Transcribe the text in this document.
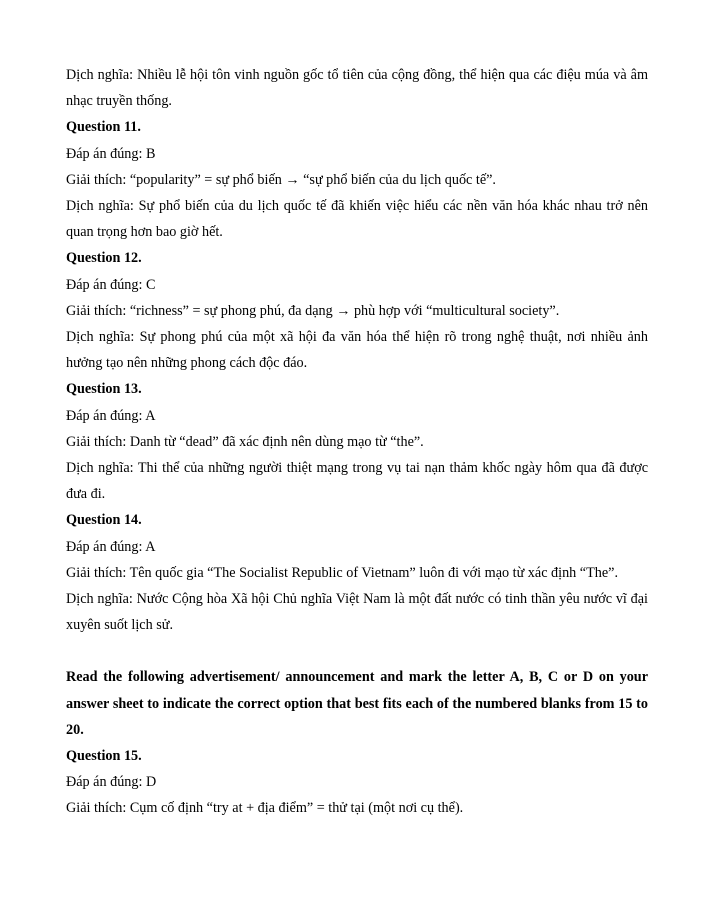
Dịch nghĩa: Nhiều lễ hội tôn vinh nguồn gốc tổ tiên của cộng đồng, thể hiện qua các điệu múa và âm nhạc truyền thống.

Question 11.

Đáp án đúng: B

Giải thích: “popularity” = sự phổ biến → “sự phổ biến của du lịch quốc tế”.

Dịch nghĩa: Sự phổ biến của du lịch quốc tế đã khiến việc hiểu các nền văn hóa khác nhau trở nên quan trọng hơn bao giờ hết.

Question 12.

Đáp án đúng: C

Giải thích: “richness” = sự phong phú, đa dạng → phù hợp với “multicultural society”.

Dịch nghĩa: Sự phong phú của một xã hội đa văn hóa thể hiện rõ trong nghệ thuật, nơi nhiều ảnh hưởng tạo nên những phong cách độc đáo.

Question 13.

Đáp án đúng: A

Giải thích: Danh từ “dead” đã xác định nên dùng mạo từ “the”.

Dịch nghĩa: Thi thể của những người thiệt mạng trong vụ tai nạn thảm khốc ngày hôm qua đã được đưa đi.

Question 14.

Đáp án đúng: A

Giải thích: Tên quốc gia “The Socialist Republic of Vietnam” luôn đi với mạo từ xác định “The”.

Dịch nghĩa: Nước Cộng hòa Xã hội Chủ nghĩa Việt Nam là một đất nước có tinh thần yêu nước vĩ đại xuyên suốt lịch sử.

Read the following advertisement/ announcement and mark the letter A, B, C or D on your answer sheet to indicate the correct option that best fits each of the numbered blanks from 15 to 20.

Question 15.

Đáp án đúng: D

Giải thích: Cụm cố định “try at + địa điểm” = thử tại (một nơi cụ thể).
